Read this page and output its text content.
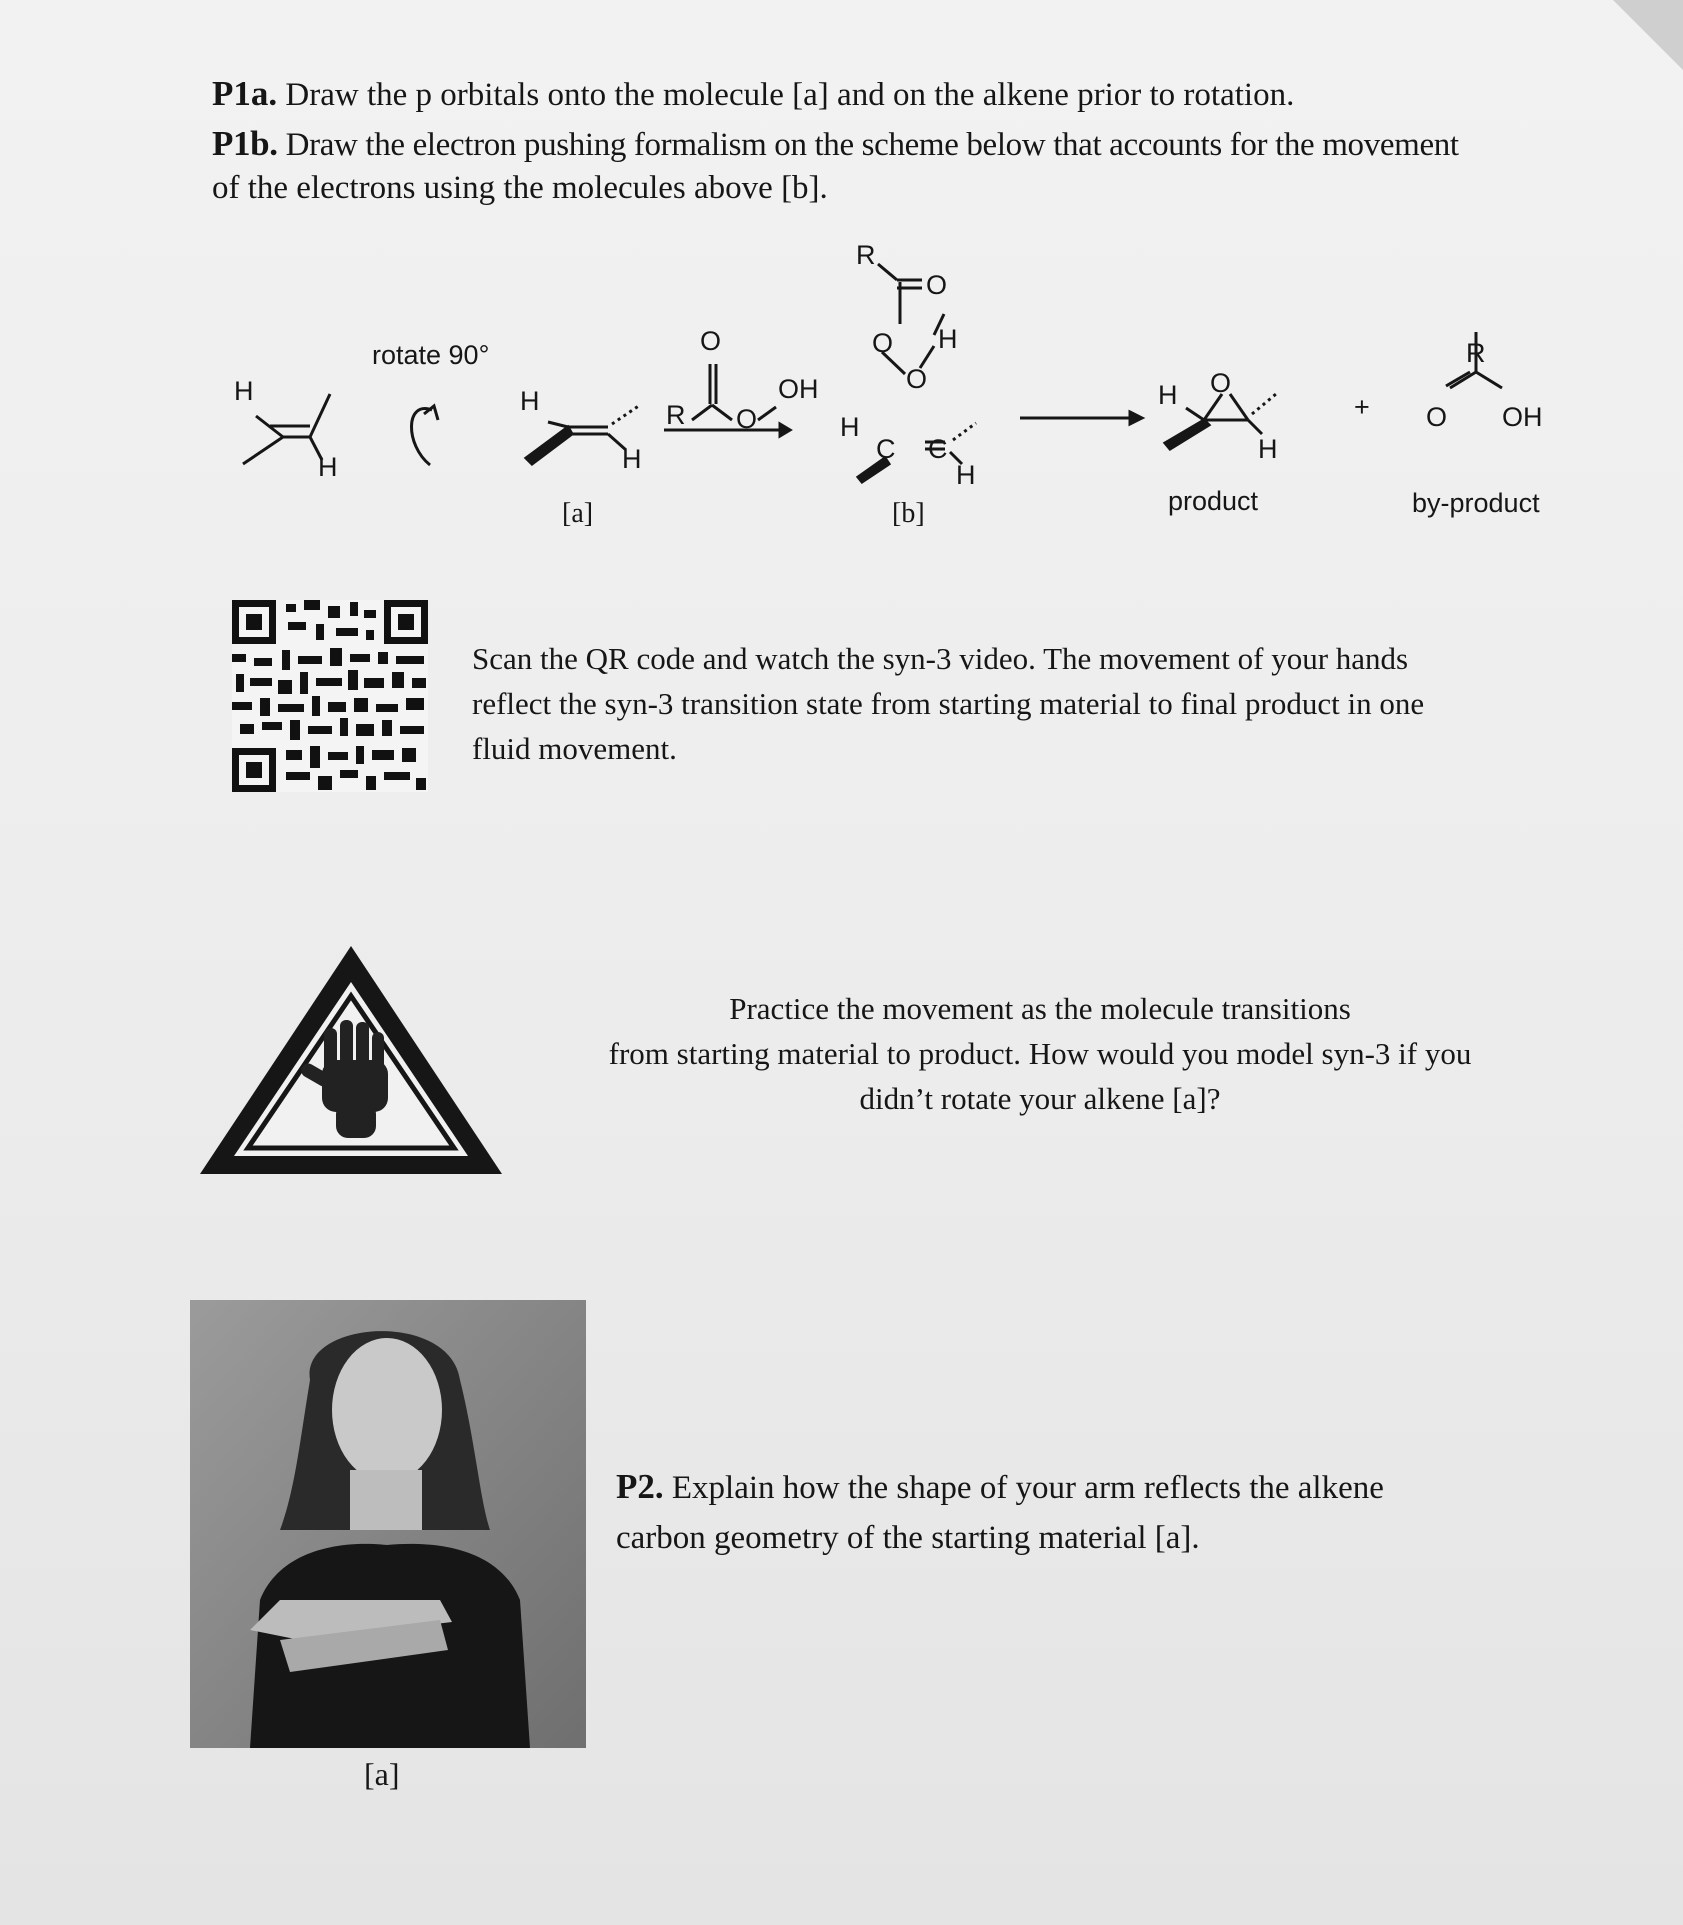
P1a. Draw the p orbitals onto the molecule [a] and on the alkene prior to rotation.
P1b. Draw the electron pushing formalism on the scheme below that accounts for the movement
of the electrons using the molecules above [b].
H
H
rotate 90°
H
H
O
R O
OH
R
O
O H
O
H
C C
H
H O
H
+
R
O OH
product	by-product
[a]	[b]
Scan the QR code and watch the syn-3 video. The movement of your hands
reflect the syn-3 transition state from starting material to final product in one
fluid movement.
Practice the movement as the molecule transitions
from starting material to product. How would you model syn-3 if you
didn’t rotate your alkene [a]?
[a]
P2. Explain how the shape of your arm reflects the alkene
carbon geometry of the starting material [a].
